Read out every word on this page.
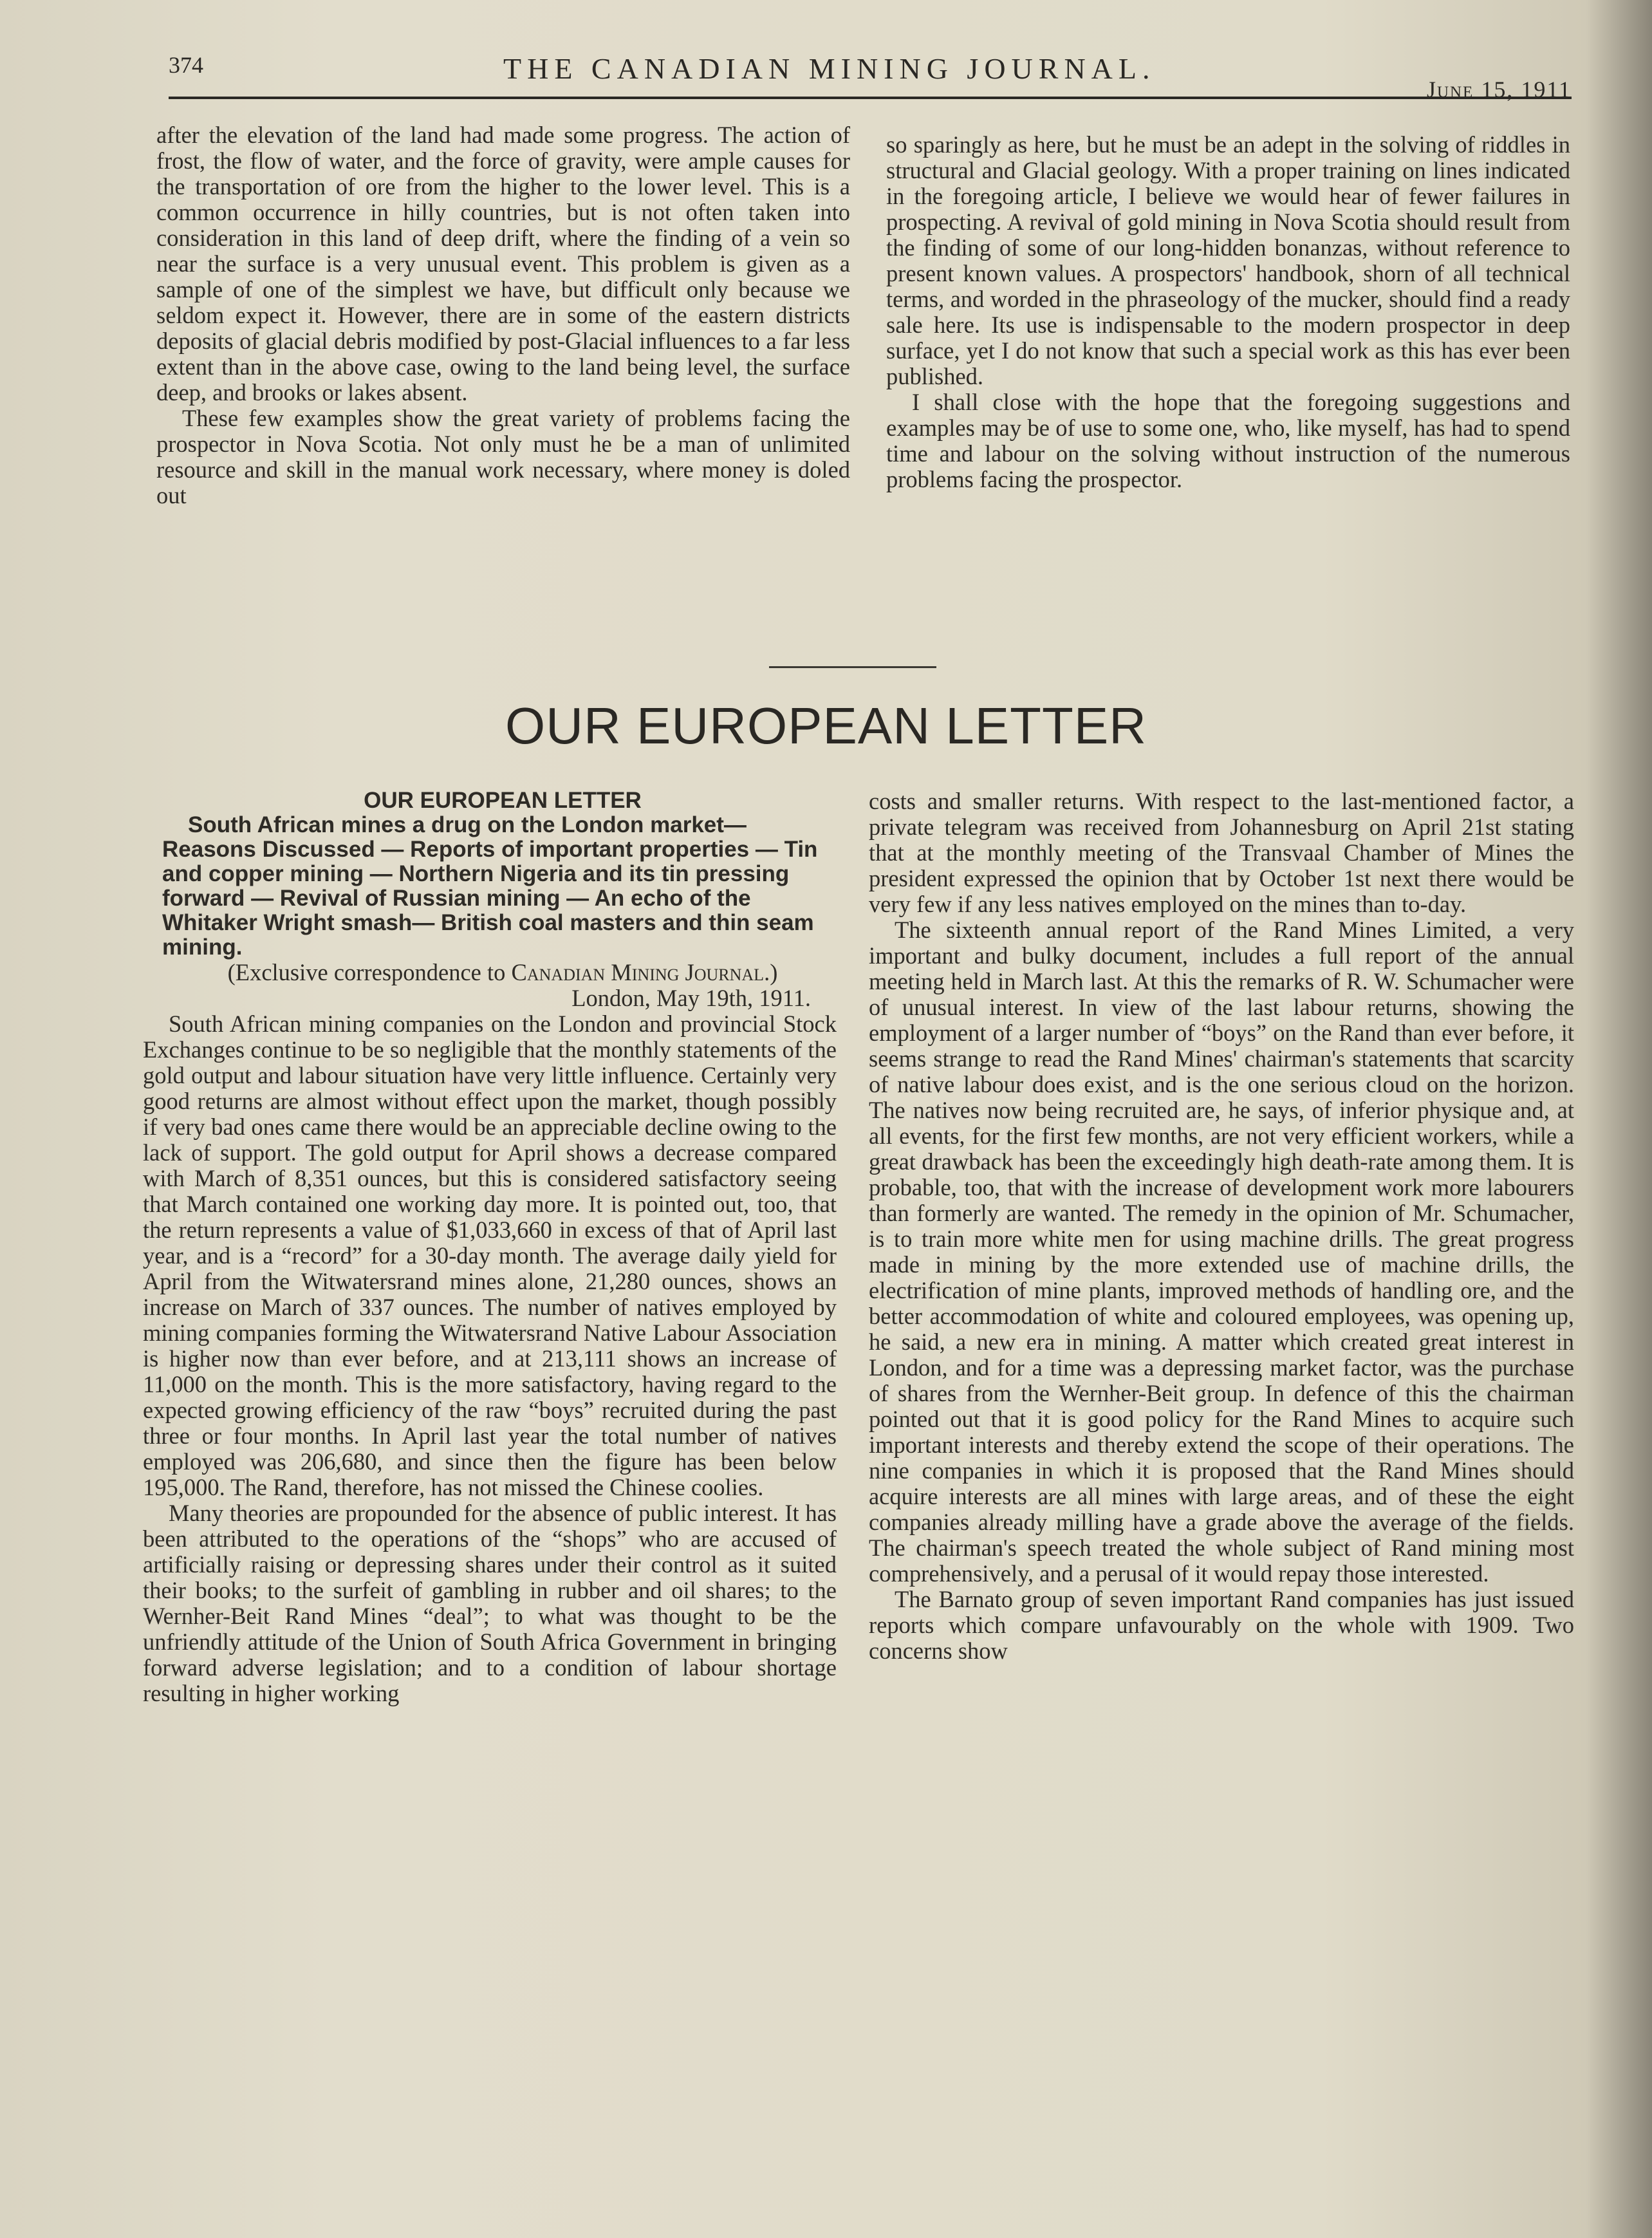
374	THE CANADIAN MINING JOURNAL.
June 15, 1911

after the elevation of the land had made some progress. The action of frost, the flow of water, and the force of gravity, were ample causes for the transportation of ore from the higher to the lower level. This is a common occurrence in hilly countries, but is not often taken into consideration in this land of deep drift, where the finding of a vein so near the surface is a very unusual event. This problem is given as a sample of one of the simplest we have, but difficult only because we seldom expect it. However, there are in some of the eastern districts deposits of glacial debris modified by post-Glacial influences to a far less extent than in the above case, owing to the land being level, the surface deep, and brooks or lakes absent.

These few examples show the great variety of problems facing the prospector in Nova Scotia. Not only must he be a man of unlimited resource and skill in the manual work necessary, where money is doled out

so sparingly as here, but he must be an adept in the solving of riddles in structural and Glacial geology. With a proper training on lines indicated in the foregoing article, I believe we would hear of fewer failures in prospecting. A revival of gold mining in Nova Scotia should result from the finding of some of our long-hidden bonanzas, without reference to present known values. A prospectors' handbook, shorn of all technical terms, and worded in the phraseology of the mucker, should find a ready sale here. Its use is indispensable to the modern prospector in deep surface, yet I do not know that such a special work as this has ever been published.

I shall close with the hope that the foregoing suggestions and examples may be of use to some one, who, like myself, has had to spend time and labour on the solving without instruction of the numerous problems facing the prospector.

OUR EUROPEAN LETTER

OUR EUROPEAN LETTER

South African mines a drug on the London market— Reasons Discussed — Reports of important properties — Tin and copper mining — Northern Nigeria and its tin pressing forward — Revival of Russian mining — An echo of the Whitaker Wright smash— British coal masters and thin seam mining.

(Exclusive correspondence to Canadian Mining Journal.)

London, May 19th, 1911.

South African mining companies on the London and provincial Stock Exchanges continue to be so negligible that the monthly statements of the gold output and labour situation have very little influence. Certainly very good returns are almost without effect upon the market, though possibly if very bad ones came there would be an appreciable decline owing to the lack of support. The gold output for April shows a decrease compared with March of 8,351 ounces, but this is considered satisfactory seeing that March contained one working day more. It is pointed out, too, that the return represents a value of $1,033,660 in excess of that of April last year, and is a “record” for a 30-day month. The average daily yield for April from the Witwatersrand mines alone, 21,280 ounces, shows an increase on March of 337 ounces. The number of natives employed by mining companies forming the Witwatersrand Native Labour Association is higher now than ever before, and at 213,111 shows an increase of 11,000 on the month. This is the more satisfactory, having regard to the expected growing efficiency of the raw “boys” recruited during the past three or four months. In April last year the total number of natives employed was 206,680, and since then the figure has been below 195,000. The Rand, therefore, has not missed the Chinese coolies.

Many theories are propounded for the absence of public interest. It has been attributed to the operations of the “shops” who are accused of artificially raising or depressing shares under their control as it suited their books; to the surfeit of gambling in rubber and oil shares; to the Wernher-Beit Rand Mines “deal”; to what was thought to be the unfriendly attitude of the Union of South Africa Government in bringing forward adverse legislation; and to a condition of labour shortage resulting in higher working

costs and smaller returns. With respect to the last-mentioned factor, a private telegram was received from Johannesburg on April 21st stating that at the monthly meeting of the Transvaal Chamber of Mines the president expressed the opinion that by October 1st next there would be very few if any less natives employed on the mines than to-day.

The sixteenth annual report of the Rand Mines Limited, a very important and bulky document, includes a full report of the annual meeting held in March last. At this the remarks of R. W. Schumacher were of unusual interest. In view of the last labour returns, showing the employment of a larger number of “boys” on the Rand than ever before, it seems strange to read the Rand Mines' chairman's statements that scarcity of native labour does exist, and is the one serious cloud on the horizon. The natives now being recruited are, he says, of inferior physique and, at all events, for the first few months, are not very efficient workers, while a great drawback has been the exceedingly high death-rate among them. It is probable, too, that with the increase of development work more labourers than formerly are wanted. The remedy in the opinion of Mr. Schumacher, is to train more white men for using machine drills. The great progress made in mining by the more extended use of machine drills, the electrification of mine plants, improved methods of handling ore, and the better accommodation of white and coloured employees, was opening up, he said, a new era in mining. A matter which created great interest in London, and for a time was a depressing market factor, was the purchase of shares from the Wernher-Beit group. In defence of this the chairman pointed out that it is good policy for the Rand Mines to acquire such important interests and thereby extend the scope of their operations. The nine companies in which it is proposed that the Rand Mines should acquire interests are all mines with large areas, and of these the eight companies already milling have a grade above the average of the fields. The chairman's speech treated the whole subject of Rand mining most comprehensively, and a perusal of it would repay those interested.

The Barnato group of seven important Rand companies has just issued reports which compare unfavourably on the whole with 1909. Two concerns show
